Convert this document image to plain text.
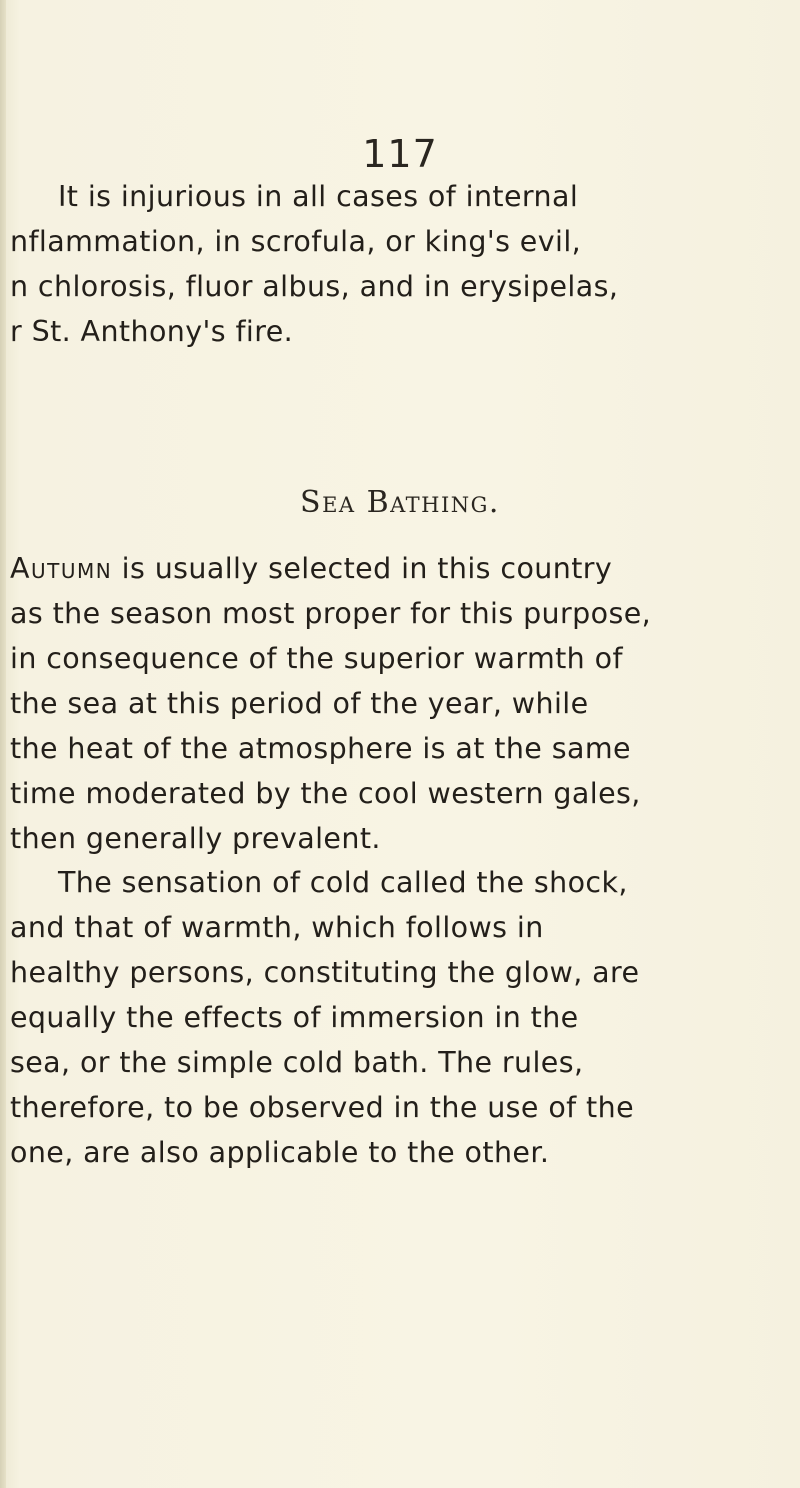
117
It is injurious in all cases of internal
nflammation, in scrofula, or king's evil,
n chlorosis, fluor albus, and in erysipelas,
r St. Anthony's fire.
Sea Bathing.
Autumn is usually selected in this country
as the season most proper for this purpose,
in consequence of the superior warmth of
the sea at this period of the year, while
the heat of the atmosphere is at the same
time moderated by the cool western gales,
then generally prevalent.
The sensation of cold called the shock,
and that of warmth, which follows in
healthy persons, constituting the glow, are
equally the effects of immersion in the
sea, or the simple cold bath. The rules,
therefore, to be observed in the use of the
one, are also applicable to the other.
